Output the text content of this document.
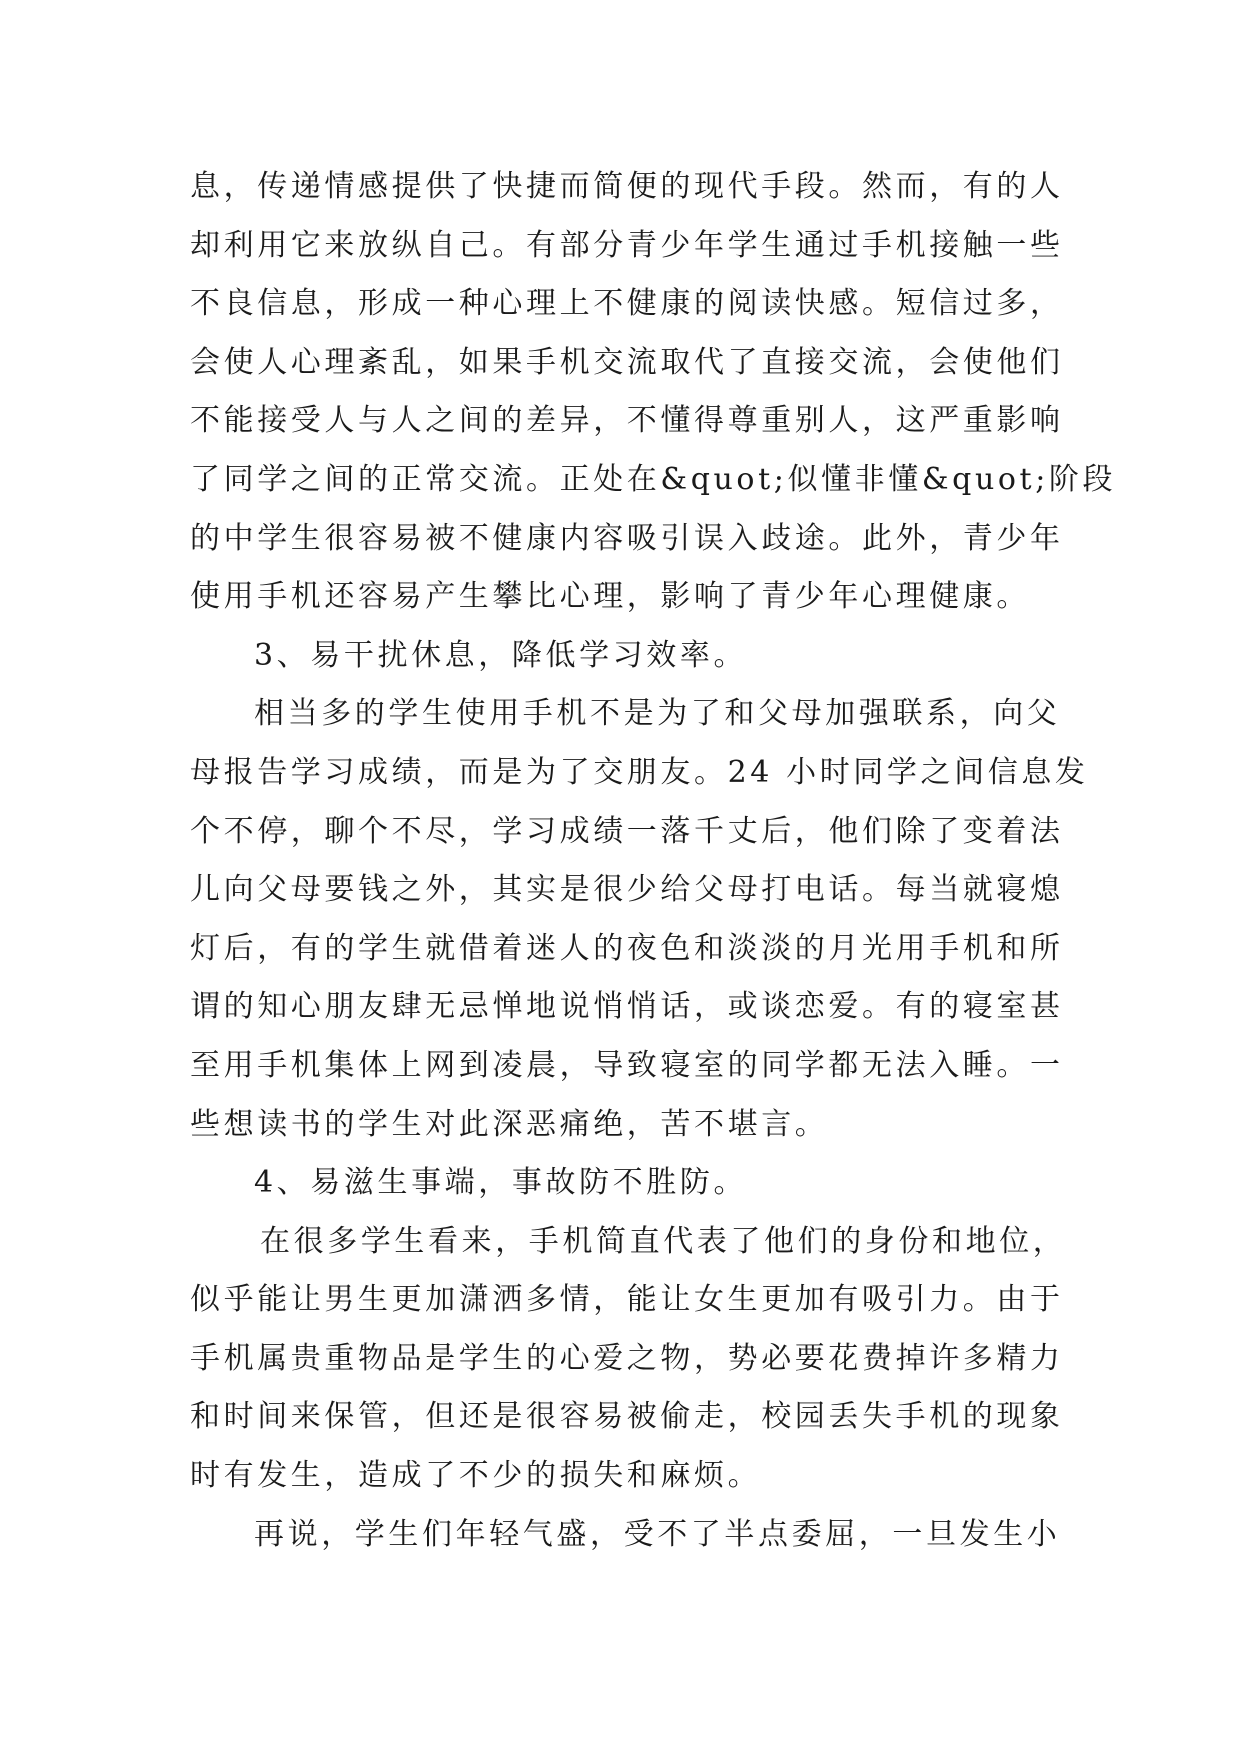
息，传递情感提供了快捷而简便的现代手段。然而，有的人
却利用它来放纵自己。有部分青少年学生通过手机接触一些
不良信息，形成一种心理上不健康的阅读快感。短信过多，
会使人心理紊乱，如果手机交流取代了直接交流，会使他们
不能接受人与人之间的差异，不懂得尊重别人，这严重影响
了同学之间的正常交流。正处在&quot;似懂非懂&quot;阶段
的中学生很容易被不健康内容吸引误入歧途。此外，青少年
使用手机还容易产生攀比心理，影响了青少年心理健康。
3、易干扰休息，降低学习效率。
相当多的学生使用手机不是为了和父母加强联系，向父
母报告学习成绩，而是为了交朋友。24 小时同学之间信息发
个不停，聊个不尽，学习成绩一落千丈后，他们除了变着法
儿向父母要钱之外，其实是很少给父母打电话。每当就寝熄
灯后，有的学生就借着迷人的夜色和淡淡的月光用手机和所
谓的知心朋友肆无忌惮地说悄悄话，或谈恋爱。有的寝室甚
至用手机集体上网到凌晨，导致寝室的同学都无法入睡。一
些想读书的学生对此深恶痛绝，苦不堪言。
4、易滋生事端，事故防不胜防。
在很多学生看来，手机简直代表了他们的身份和地位，
似乎能让男生更加潇洒多情，能让女生更加有吸引力。由于
手机属贵重物品是学生的心爱之物，势必要花费掉许多精力
和时间来保管，但还是很容易被偷走，校园丢失手机的现象
时有发生，造成了不少的损失和麻烦。
再说，学生们年轻气盛，受不了半点委屈，一旦发生小
